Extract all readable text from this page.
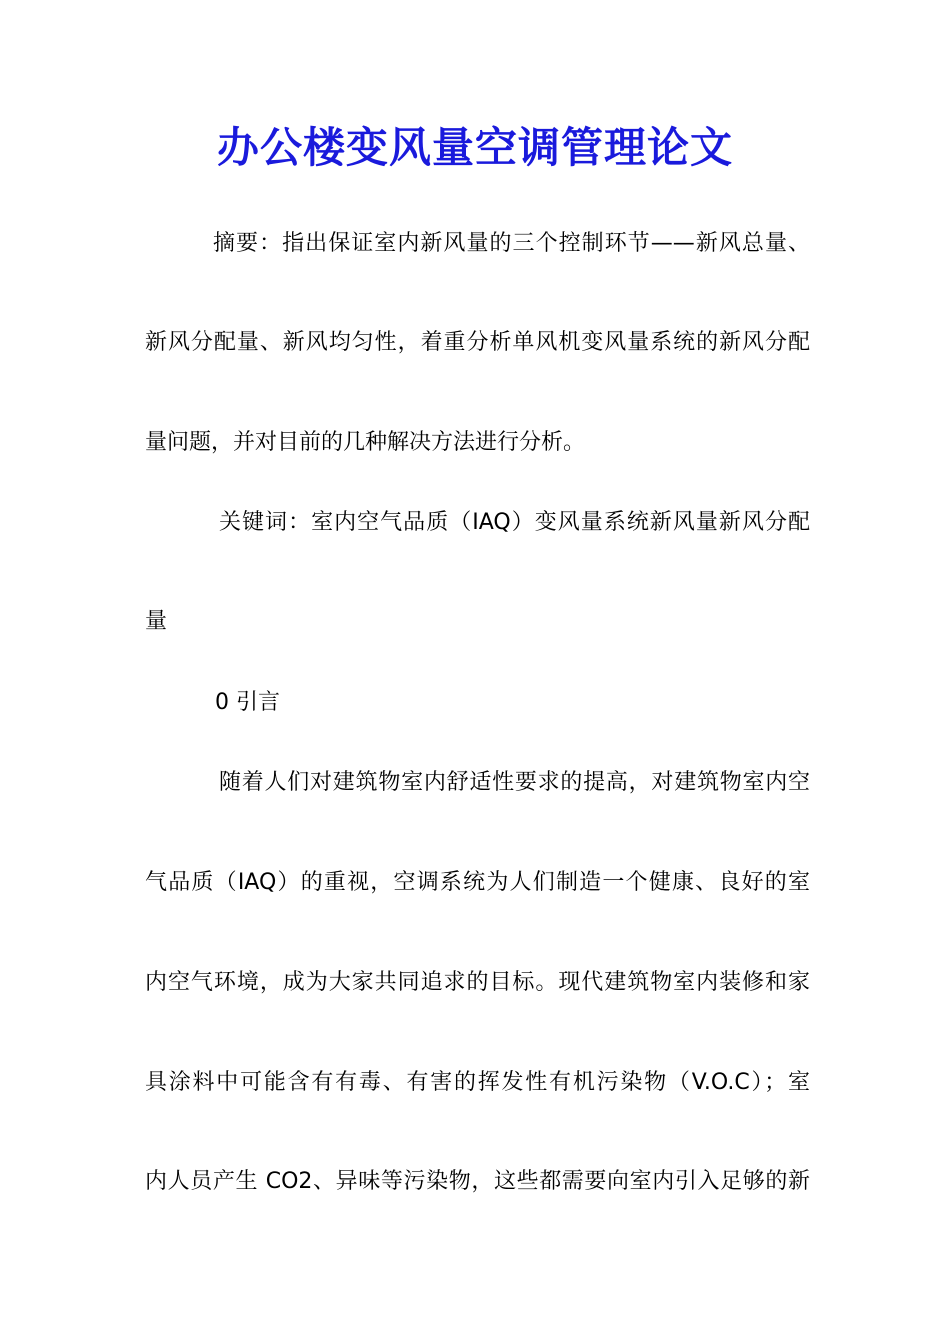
办公楼变风量空调管理论文

摘要：指出保证室内新风量的三个控制环节——新风总量、

新风分配量、新风均匀性，着重分析单风机变风量系统的新风分配

量问题，并对目前的几种解决方法进行分析。

关键词：室内空气品质（IAQ）变风量系统新风量新风分配

量

0 引言

随着人们对建筑物室内舒适性要求的提高，对建筑物室内空

气品质（IAQ）的重视，空调系统为人们制造一个健康、良好的室

内空气环境，成为大家共同追求的目标。现代建筑物室内装修和家

具涂料中可能含有有毒、有害的挥发性有机污染物（V.O.C）；室

内人员产生 CO2、异味等污染物，这些都需要向室内引入足够的新
